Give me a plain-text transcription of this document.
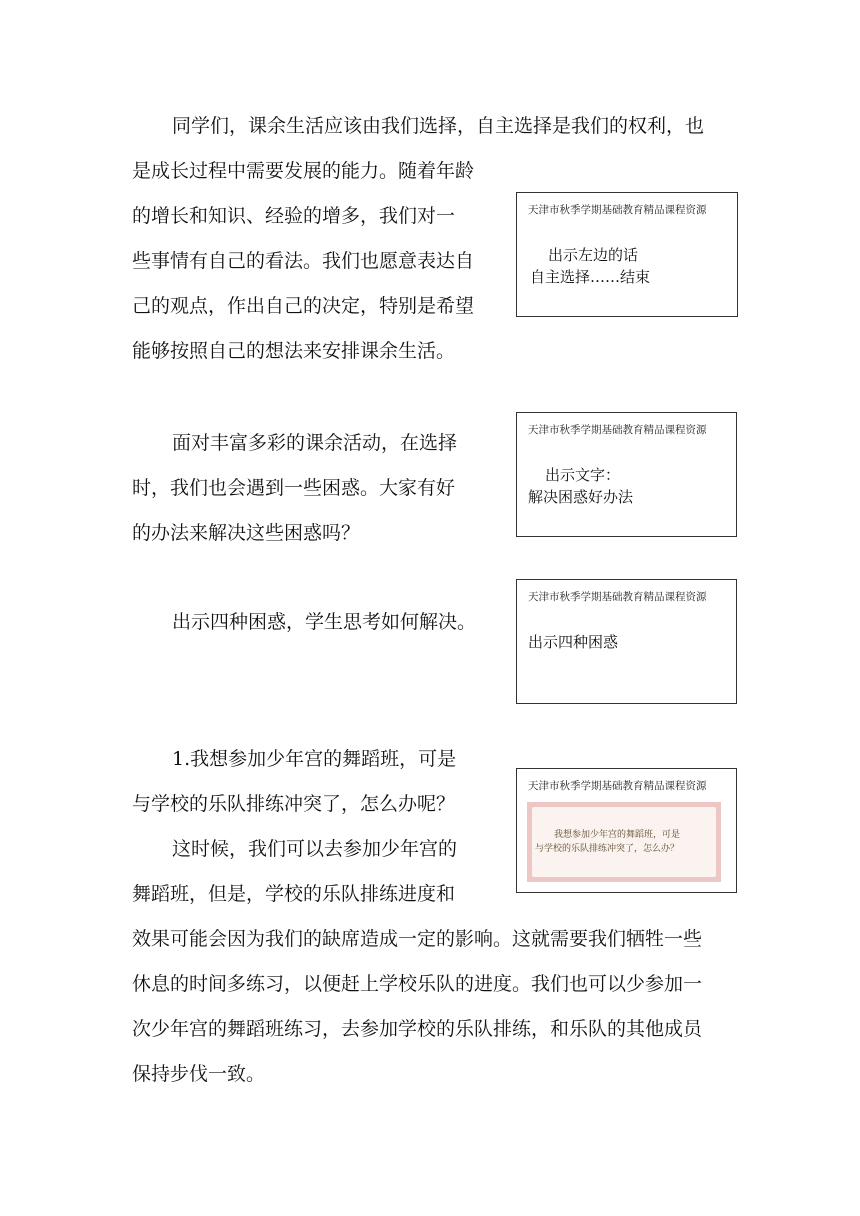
同学们，课余生活应该由我们选择，自主选择是我们的权利，也
是成长过程中需要发展的能力。随着年龄
的增长和知识、经验的增多，我们对一
些事情有自己的看法。我们也愿意表达自
己的观点，作出自己的决定，特别是希望
能够按照自己的想法来安排课余生活。
天津市秋季学期基础教育精品课程资源
出示左边的话
自主选择……结束
面对丰富多彩的课余活动，在选择
时，我们也会遇到一些困惑。大家有好
的办法来解决这些困惑吗？
天津市秋季学期基础教育精品课程资源
出示文字：
解决困惑好办法
出示四种困惑，学生思考如何解决。
天津市秋季学期基础教育精品课程资源
出示四种困惑
1.我想参加少年宫的舞蹈班，可是
与学校的乐队排练冲突了，怎么办呢？
天津市秋季学期基础教育精品课程资源
我想参加少年宫的舞蹈班，可是
与学校的乐队排练冲突了，怎么办？
这时候，我们可以去参加少年宫的
舞蹈班，但是，学校的乐队排练进度和
效果可能会因为我们的缺席造成一定的影响。这就需要我们牺牲一些
休息的时间多练习，以便赶上学校乐队的进度。我们也可以少参加一
次少年宫的舞蹈班练习，去参加学校的乐队排练，和乐队的其他成员
保持步伐一致。
